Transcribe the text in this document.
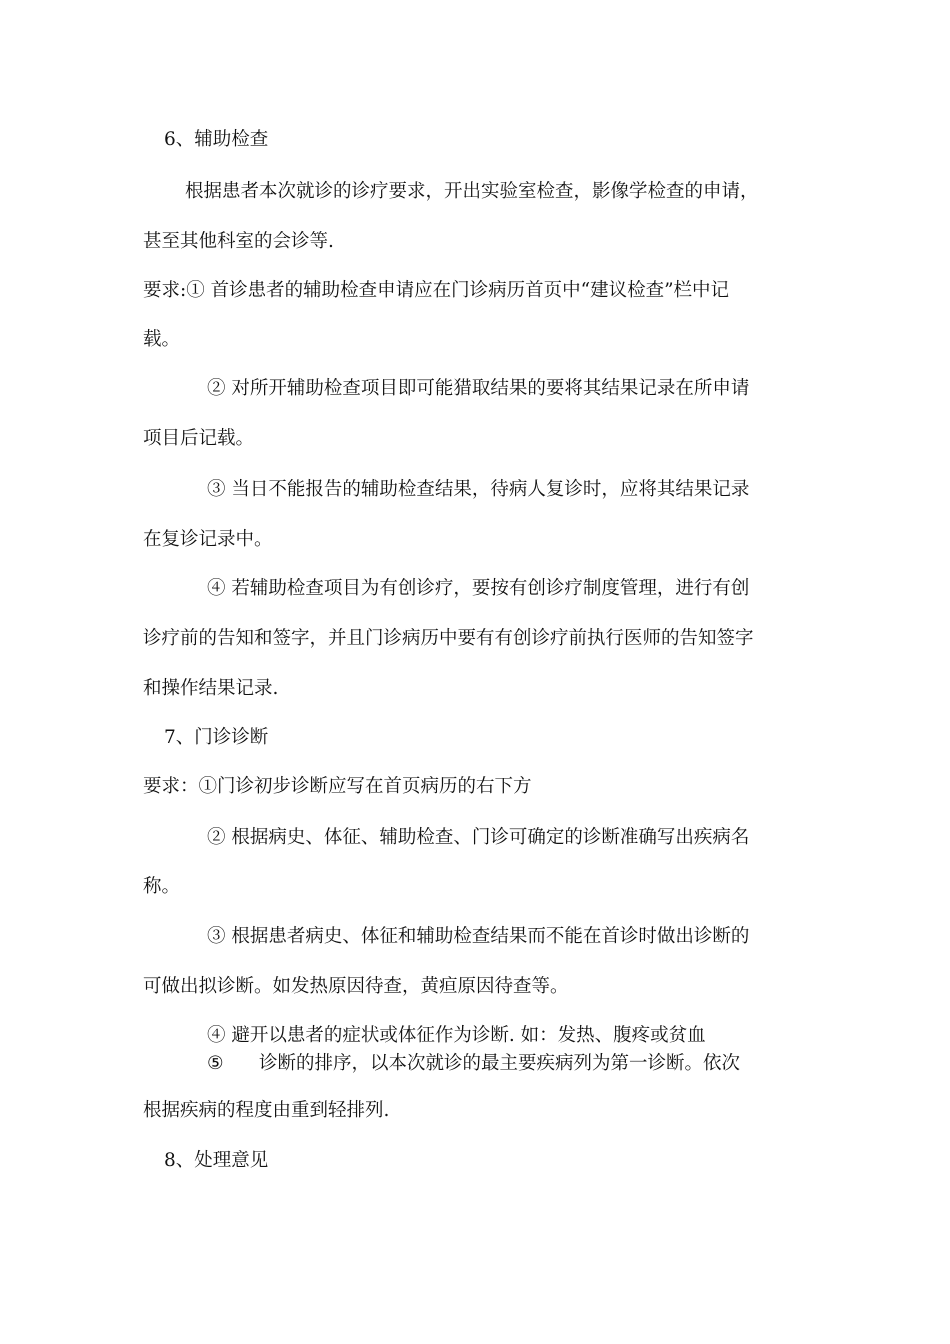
6、辅助检查

根据患者本次就诊的诊疗要求，开出实验室检查，影像学检查的申请，

甚至其他科室的会诊等.

要求:① 首诊患者的辅助检查申请应在门诊病历首页中“建议检查”栏中记

载。

② 对所开辅助检查项目即可能猎取结果的要将其结果记录在所申请

项目后记载。

③ 当日不能报告的辅助检查结果，待病人复诊时，应将其结果记录

在复诊记录中。

④ 若辅助检查项目为有创诊疗，要按有创诊疗制度管理，进行有创

诊疗前的告知和签字，并且门诊病历中要有有创诊疗前执行医师的告知签字

和操作结果记录.

7、门诊诊断

要求：①门诊初步诊断应写在首页病历的右下方

② 根据病史、体征、辅助检查、门诊可确定的诊断准确写出疾病名

称。

③ 根据患者病史、体征和辅助检查结果而不能在首诊时做出诊断的

可做出拟诊断。如发热原因待查，黄疸原因待查等。

④ 避开以患者的症状或体征作为诊断. 如：发热、腹疼或贫血

⑤ 诊断的排序，以本次就诊的最主要疾病列为第一诊断。依次

根据疾病的程度由重到轻排列.

8、处理意见
